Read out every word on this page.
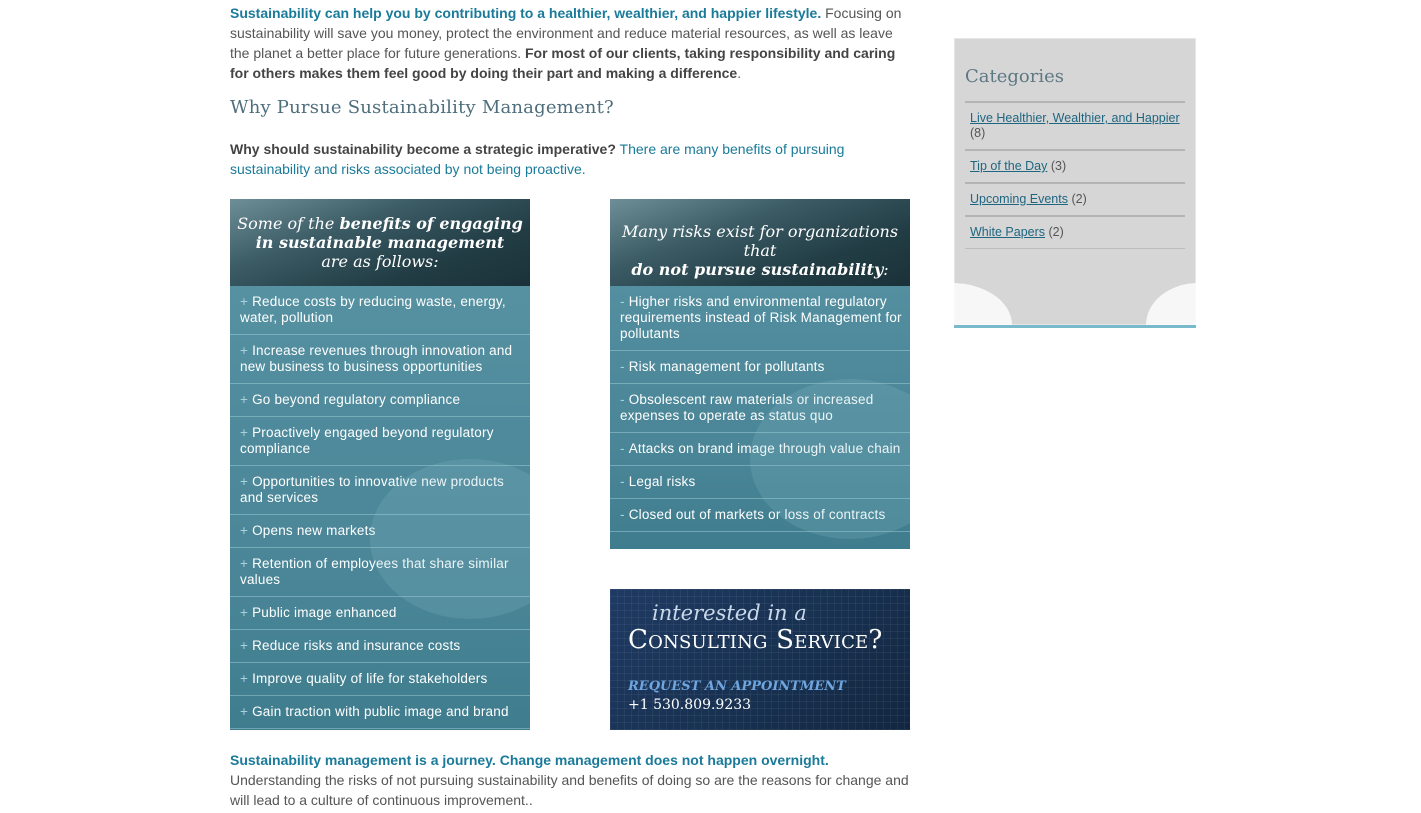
Sustainability can help you by contributing to a healthier, wealthier, and happier lifestyle. Focusing on sustainability will save you money, protect the environment and reduce material resources, as well as leave the planet a better place for future generations. For most of our clients, taking responsibility and caring for others makes them feel good by doing their part and making a difference.

Why Pursue Sustainability Management?

Why should sustainability become a strategic imperative? There are many benefits of pursuing sustainability and risks associated by not being proactive.

Some of the benefits of engaging in sustainable management
are as follows:
+ Reduce costs by reducing waste, energy, water, pollution
+ Increase revenues through innovation and new business to business opportunities
+ Go beyond regulatory compliance
+ Proactively engaged beyond regulatory compliance
+ Opportunities to innovative new products and services
+ Opens new markets
+ Retention of employees that share similar values
+ Public image enhanced
+ Reduce risks and insurance costs
+ Improve quality of life for stakeholders
+ Gain traction with public image and brand
Many risks exist for organizations that
do not pursue sustainability:
- Higher risks and environmental regulatory requirements instead of Risk Management for pollutants
- Risk management for pollutants
- Obsolescent raw materials or increased expenses to operate as status quo
- Attacks on brand image through value chain
- Legal risks
- Closed out of markets or loss of contracts
interested in a
Consulting Service?
REQUEST AN APPOINTMENT
+1 530.809.9233

Sustainability management is a journey. Change management does not happen overnight.
Understanding the risks of not pursuing sustainability and benefits of doing so are the reasons for change and will lead to a culture of continuous improvement..

Categories
Live Healthier, Wealthier, and Happier (8)
Tip of the Day (3)
Upcoming Events (2)
White Papers (2)
